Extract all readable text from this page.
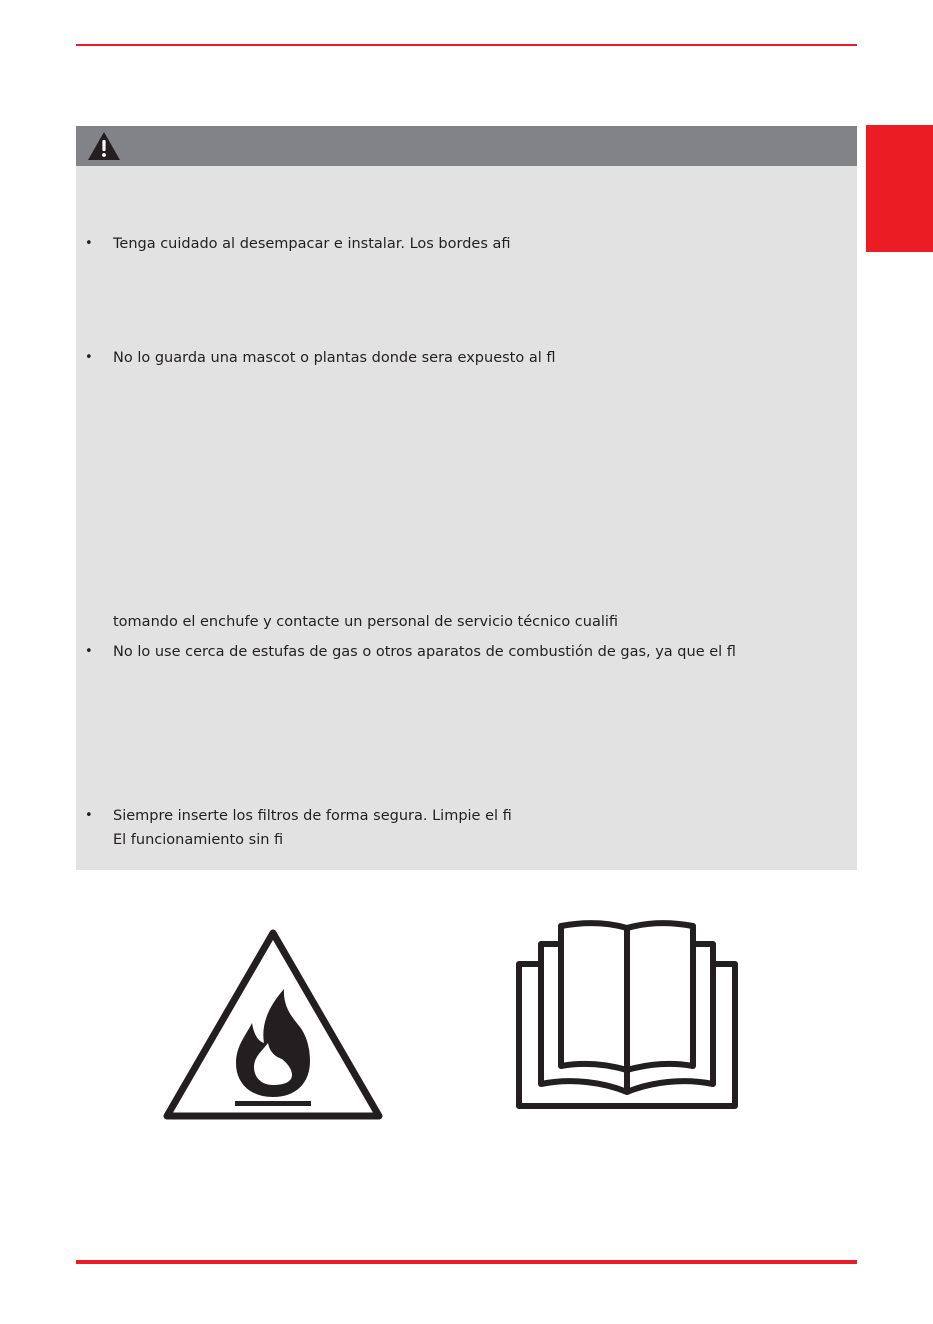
• Tenga cuidado al desempacar e instalar. Los bordes afi
• No lo guarda una mascot o plantas donde sera expuesto al fl
tomando el enchufe y contacte un personal de servicio técnico cualifi
• No lo use cerca de estufas de gas o otros aparatos de combustión de gas, ya que el fl
• Siempre inserte los filtros de forma segura. Limpie el fi
El funcionamiento sin fi
